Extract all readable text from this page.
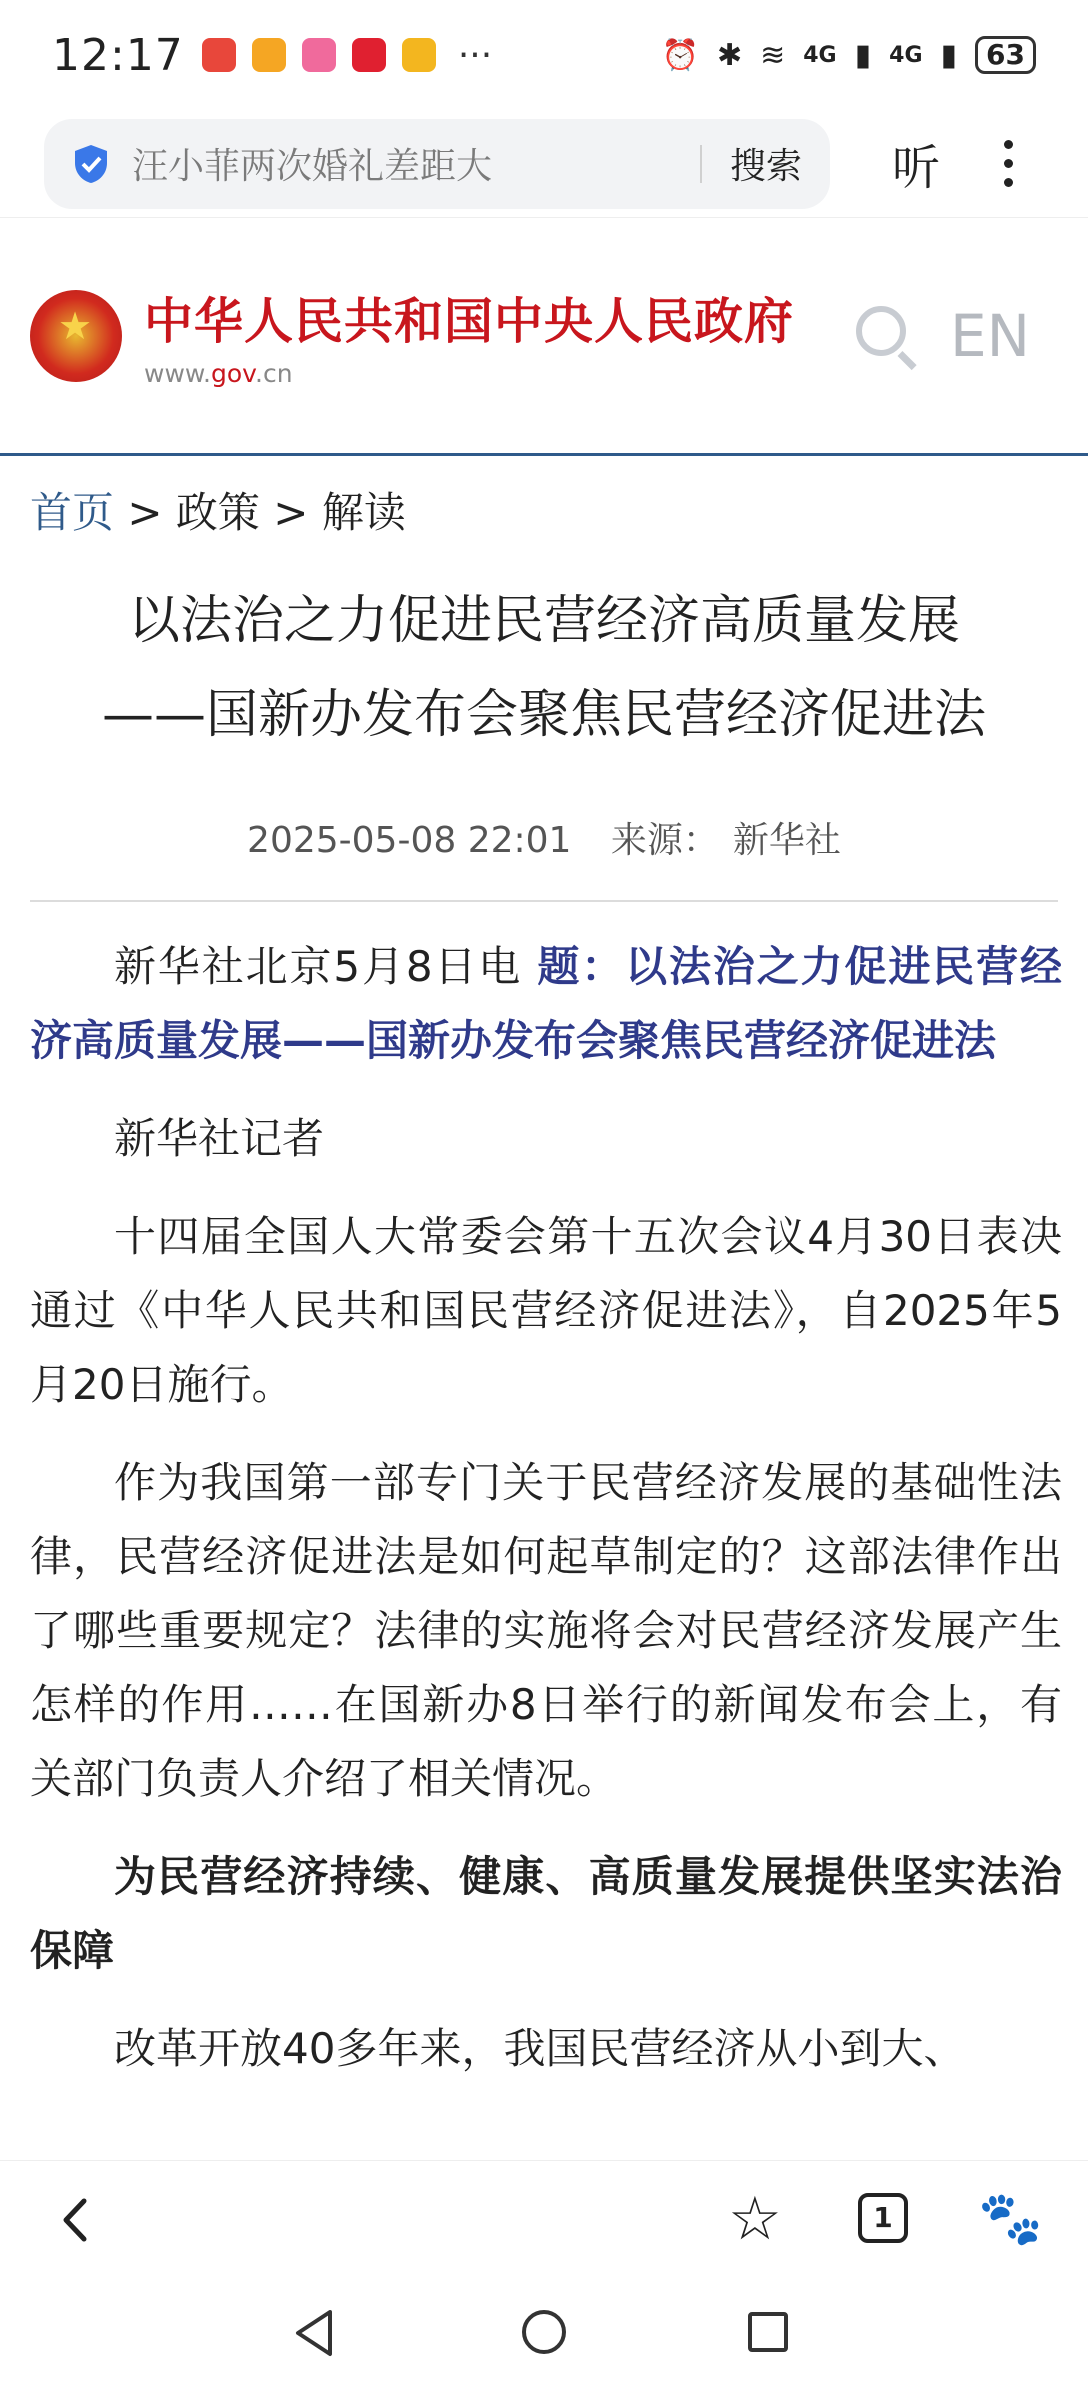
12:17	···	⏰ ✱ ≋ 4G ▮ 4G ▮	63
汪小菲两次婚礼差距大	搜索 听
★
中华人民共和国中央人民政府
www.gov.cn
EN
首页 > 政策 > 解读
以法治之力促进民营经济高质量发展
——国新办发布会聚焦民营经济促进法
2025-05-08 22:01 来源： 新华社

新华社北京5月8日电 题：以法治之力促进民营经济高质量发展——国新办发布会聚焦民营经济促进法

新华社记者

十四届全国人大常委会第十五次会议4月30日表决通过《中华人民共和国民营经济促进法》，自2025年5月20日施行。

作为我国第一部专门关于民营经济发展的基础性法律，民营经济促进法是如何起草制定的？这部法律作出了哪些重要规定？法律的实施将会对民营经济发展产生怎样的作用……在国新办8日举行的新闻发布会上，有关部门负责人介绍了相关情况。

为民营经济持续、健康、高质量发展提供坚实法治保障

改革开放40多年来，我国民营经济从小到大、

☆	1 🐾
